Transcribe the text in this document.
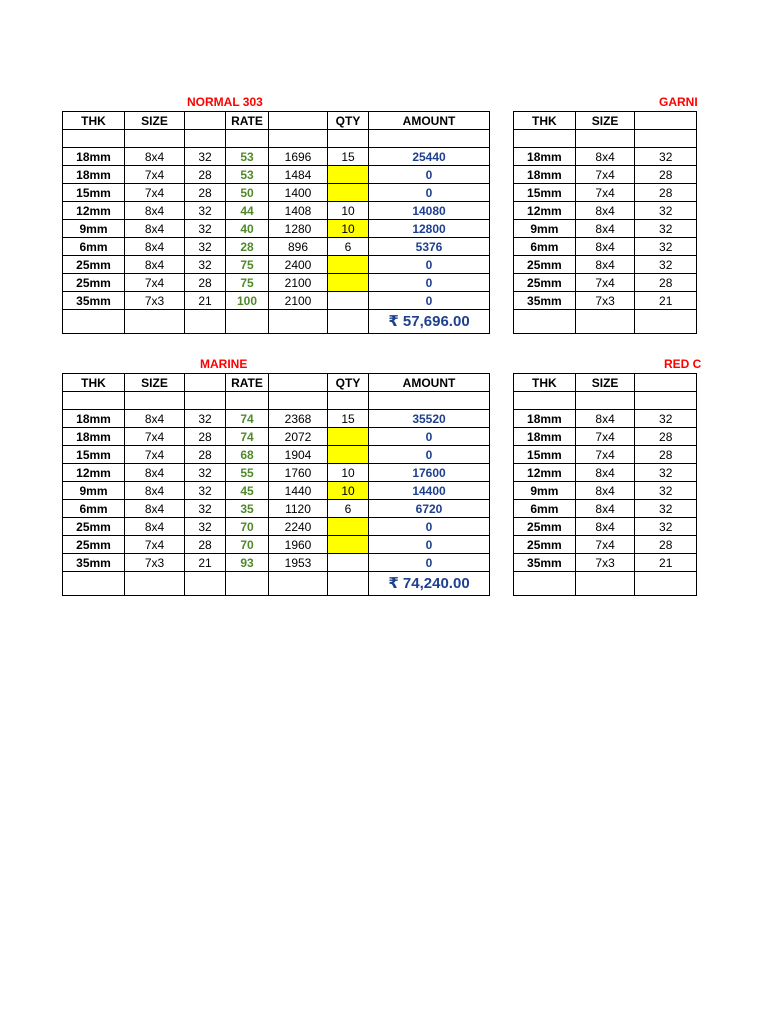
NORMAL 303
THK	SIZE		RATE		QTY	AMOUNT

18mm	8x4	32	53	1696	15	25440
18mm	7x4	28	53	1484		0
15mm	7x4	28	50	1400		0
12mm	8x4	32	44	1408	10	14080
9mm	8x4	32	40	1280	10	12800
6mm	8x4	32	28	896	6	5376
25mm	8x4	32	75	2400		0
25mm	7x4	28	75	2100		0
35mm	7x3	21	100	2100		0
						₹ 57,696.00
MARINE
THK	SIZE		RATE		QTY	AMOUNT

18mm	8x4	32	74	2368	15	35520
18mm	7x4	28	74	2072		0
15mm	7x4	28	68	1904		0
12mm	8x4	32	55	1760	10	17600
9mm	8x4	32	45	1440	10	14400
6mm	8x4	32	35	1120	6	6720
25mm	8x4	32	70	2240		0
25mm	7x4	28	70	1960		0
35mm	7x3	21	93	1953		0
						₹ 74,240.00
GARNI
THK	SIZE	

18mm	8x4	32
18mm	7x4	28
15mm	7x4	28
12mm	8x4	32
9mm	8x4	32
6mm	8x4	32
25mm	8x4	32
25mm	7x4	28
35mm	7x3	21

RED C
THK	SIZE	

18mm	8x4	32
18mm	7x4	28
15mm	7x4	28
12mm	8x4	32
9mm	8x4	32
6mm	8x4	32
25mm	8x4	32
25mm	7x4	28
35mm	7x3	21
